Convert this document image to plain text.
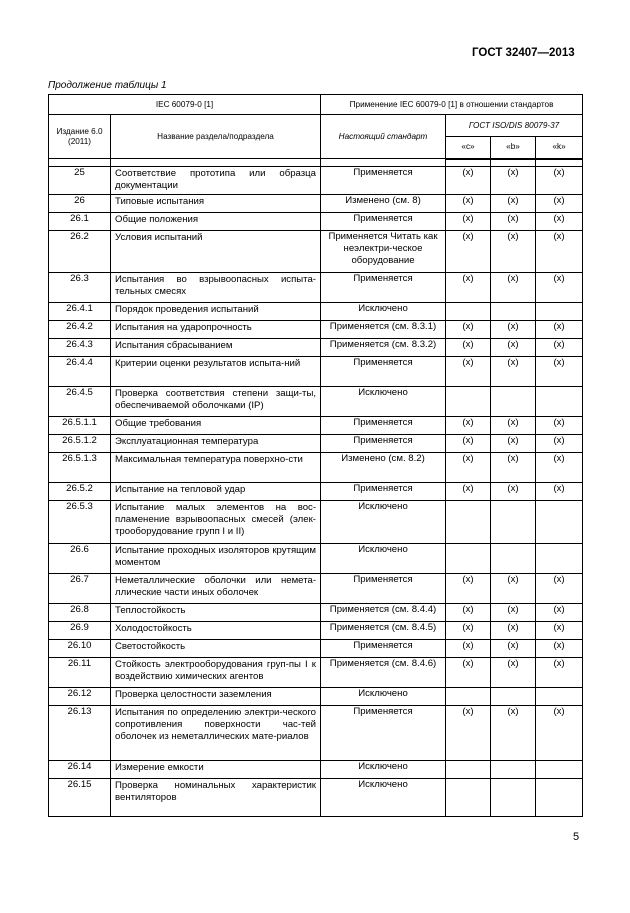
ГОСТ 32407—2013
Продолжение таблицы 1
IEC 60079-0 [1]		Применение IEC 60079-0 [1] в отношении стандартов			
Издание 6.0 (2011)	Название раздела/подраздела	Настоящий стандарт	ГОСТ ISO/DIS 80079-37		
			«c»	«b»	«k»

25	Соответствие прототипа или образца документации	Применяется	(x)	(x)	(x)
26	Типовые испытания	Изменено (см. 8)	(x)	(x)	(x)
26.1	Общие положения	Применяется	(x)	(x)	(x)
26.2	Условия испытаний	Применяется Читать как неэлектри-ческое оборудование	(x)	(x)	(x)
26.3	Испытания во взрывоопасных испыта-тельных смесях	Применяется	(x)	(x)	(x)
26.4.1	Порядок проведения испытаний	Исключено			
26.4.2	Испытания на ударопрочность	Применяется (см. 8.3.1)	(x)	(x)	(x)
26.4.3	Испытания сбрасыванием	Применяется (см. 8.3.2)	(x)	(x)	(x)
26.4.4	Критерии оценки результатов испыта-ний	Применяется	(x)	(x)	(x)
26.4.5	Проверка соответствия степени защи-ты, обеспечиваемой оболочками (IP)	Исключено			
26.5.1.1	Общие требования	Применяется	(x)	(x)	(x)
26.5.1.2	Эксплуатационная температура	Применяется	(x)	(x)	(x)
26.5.1.3	Максимальная температура поверхно-сти	Изменено (см. 8.2)	(x)	(x)	(x)
26.5.2	Испытание на тепловой удар	Применяется	(x)	(x)	(x)
26.5.3	Испытание малых элементов на вос-пламенение взрывоопасных смесей (элек-трооборудование групп I и II)	Исключено			
26.6	Испытание проходных изоляторов крутящим моментом	Исключено			
26.7	Неметаллические оболочки или немета-ллические части иных оболочек	Применяется	(x)	(x)	(x)
26.8	Теплостойкость	Применяется (см. 8.4.4)	(x)	(x)	(x)
26.9	Холодостойкость	Применяется (см. 8.4.5)	(x)	(x)	(x)
26.10	Светостойкость	Применяется	(x)	(x)	(x)
26.11	Стойкость электрооборудования груп-пы I к воздействию химических агентов	Применяется (см. 8.4.6)	(x)	(x)	(x)
26.12	Проверка целостности заземления	Исключено			
26.13	Испытания по определению электри-ческого сопротивления поверхности час-тей оболочек из неметаллических мате-риалов	Применяется	(x)	(x)	(x)
26.14	Измерение емкости	Исключено			
26.15	Проверка номинальных характеристик вентиляторов	Исключено			
5
